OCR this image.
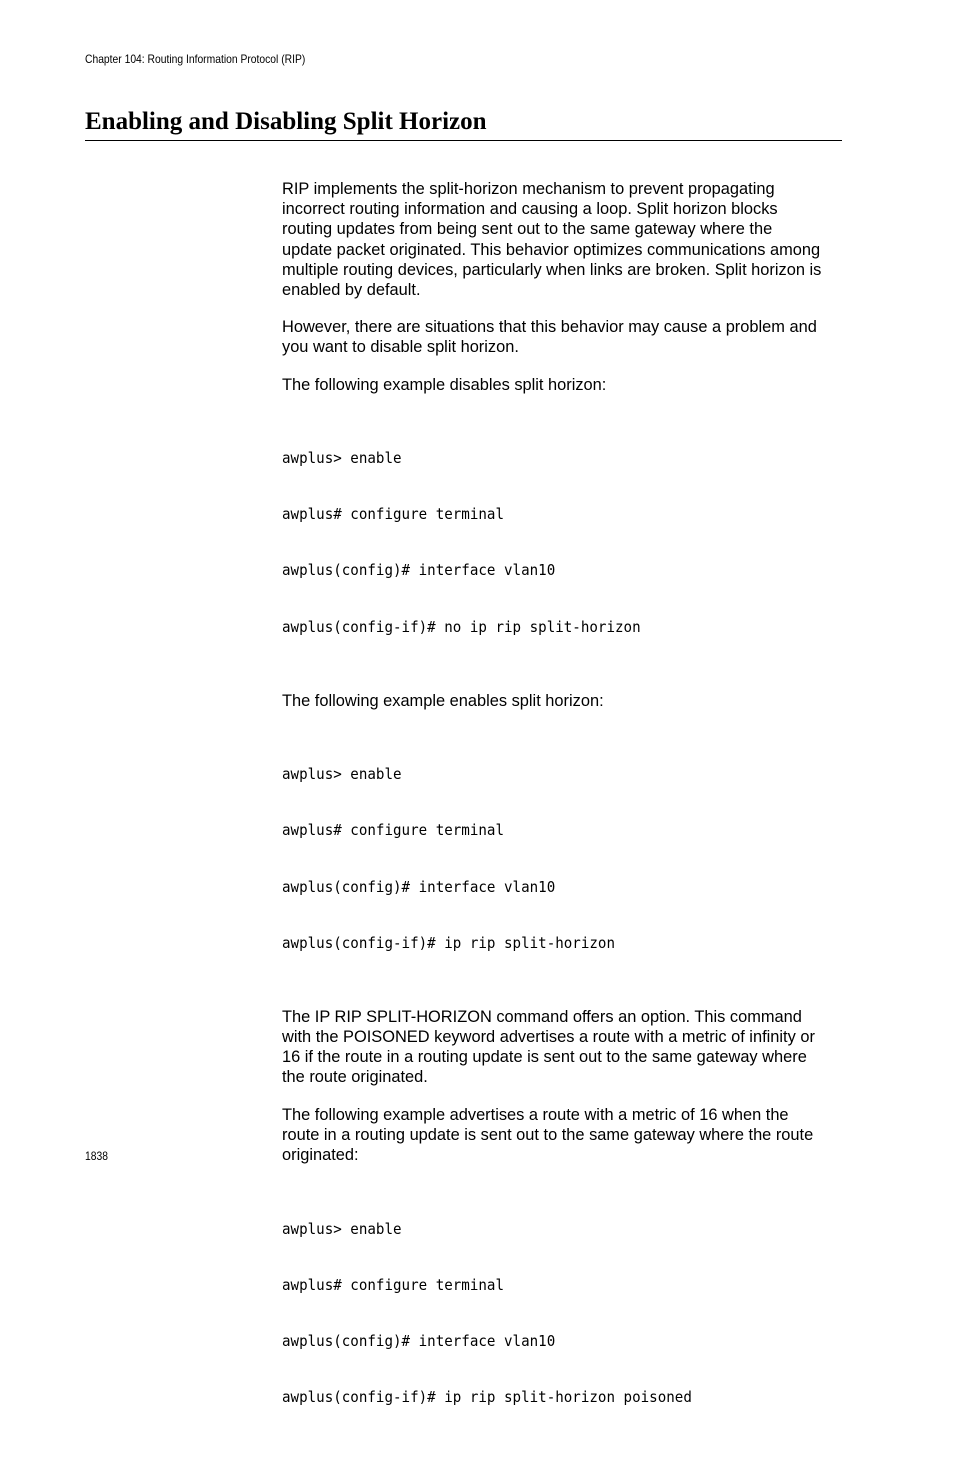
Chapter 104: Routing Information Protocol (RIP)
Enabling and Disabling Split Horizon

RIP implements the split-horizon mechanism to prevent propagating
incorrect routing information and causing a loop. Split horizon blocks
routing updates from being sent out to the same gateway where the
update packet originated. This behavior optimizes communications among
multiple routing devices, particularly when links are broken. Split horizon is
enabled by default.

However, there are situations that this behavior may cause a problem and
you want to disable split horizon.

The following example disables split horizon:

awplus> enable

awplus# configure terminal

awplus(config)# interface vlan10

awplus(config-if)# no ip rip split-horizon

The following example enables split horizon:

awplus> enable

awplus# configure terminal

awplus(config)# interface vlan10

awplus(config-if)# ip rip split-horizon

The IP RIP SPLIT-HORIZON command offers an option. This command
with the POISONED keyword advertises a route with a metric of infinity or
16 if the route in a routing update is sent out to the same gateway where
the route originated.

The following example advertises a route with a metric of 16 when the
route in a routing update is sent out to the same gateway where the route
originated:

awplus> enable

awplus# configure terminal

awplus(config)# interface vlan10

awplus(config-if)# ip rip split-horizon poisoned

1838
